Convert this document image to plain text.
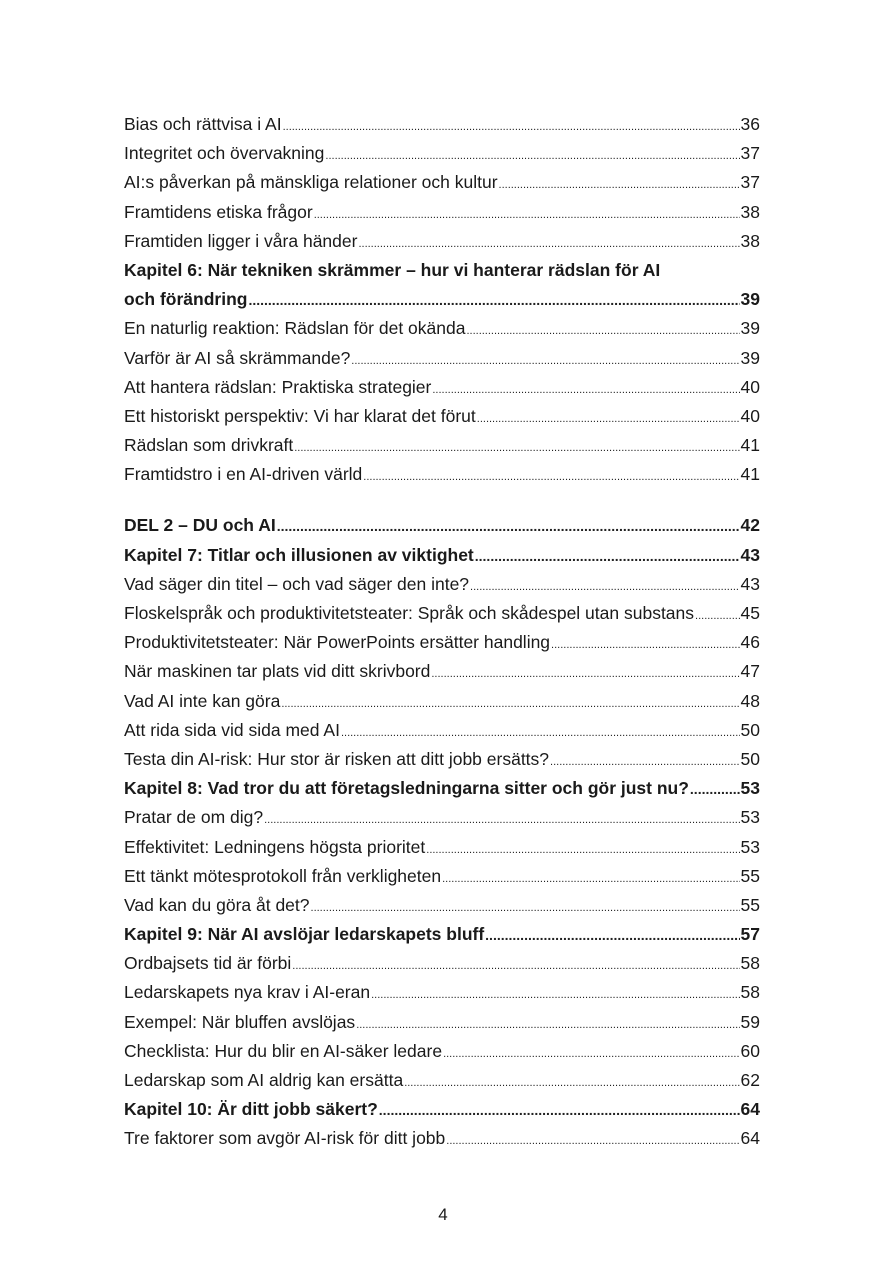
Bias och rättvisa i AI .....	36
Integritet och övervakning .....	37
AI:s påverkan på mänskliga relationer och kultur .....	37
Framtidens etiska frågor .....	38
Framtiden ligger i våra händer .....	38
Kapitel 6: När tekniken skrämmer – hur vi hanterar rädslan för AI
och förändring .....	39
En naturlig reaktion: Rädslan för det okända .....	39
Varför är AI så skrämmande? .....	39
Att hantera rädslan: Praktiska strategier .....	40
Ett historiskt perspektiv: Vi har klarat det förut .....	40
Rädslan som drivkraft .....	41
Framtidstro i en AI-driven värld .....	41
DEL 2 – DU och AI .....	42
Kapitel 7: Titlar och illusionen av viktighet .....	43
Vad säger din titel – och vad säger den inte? .....	43
Floskelspråk och produktivitetsteater: Språk och skådespel utan substans .....	45
Produktivitetsteater: När PowerPoints ersätter handling .....	46
När maskinen tar plats vid ditt skrivbord .....	47
Vad AI inte kan göra .....	48
Att rida sida vid sida med AI .....	50
Testa din AI-risk: Hur stor är risken att ditt jobb ersätts? .....	50
Kapitel 8: Vad tror du att företagsledningarna sitter och gör just nu? .....	53
Pratar de om dig? .....	53
Effektivitet: Ledningens högsta prioritet .....	53
Ett tänkt mötesprotokoll från verkligheten .....	55
Vad kan du göra åt det? .....	55
Kapitel 9: När AI avslöjar ledarskapets bluff .....	57
Ordbajsets tid är förbi .....	58
Ledarskapets nya krav i AI-eran .....	58
Exempel: När bluffen avslöjas .....	59
Checklista: Hur du blir en AI-säker ledare .....	60
Ledarskap som AI aldrig kan ersätta .....	62
Kapitel 10: Är ditt jobb säkert? .....	64
Tre faktorer som avgör AI-risk för ditt jobb .....	64
4
